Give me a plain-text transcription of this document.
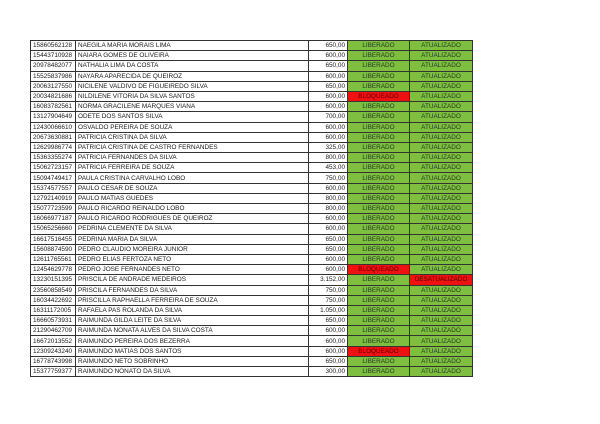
15860562128	NAEGILA MARIA MORAIS LIMA	650,00	LIBERADO	ATUALIZADO
15443710928	NAIARA GOMES DE OLIVEIRA	600,00	LIBERADO	ATUALIZADO
20978482077	NATHALIA LIMA DA COSTA	650,00	LIBERADO	ATUALIZADO
15525837986	NAYARA APARECIDA DE QUEIROZ	600,00	LIBERADO	ATUALIZADO
20063127550	NICILENE VALDIVO DE FIGUEIREDO SILVA	650,00	LIBERADO	ATUALIZADO
20034821686	NILDILENE VITORIA DA SILVA SANTOS	600,00	BLOQUEADO	ATUALIZADO
16083782561	NORMA GRACILENE MARQUES VIANA	600,00	LIBERADO	ATUALIZADO
13127904649	ODETE DOS SANTOS SILVA	700,00	LIBERADO	ATUALIZADO
12430066610	OSVALDO PEREIRA DE SOUZA	600,00	LIBERADO	ATUALIZADO
20673630881	PATRICIA CRISTINA DA SILVA	600,00	LIBERADO	ATUALIZADO
12629986774	PATRICIA CRISTINA DE CASTRO FERNANDES	325,00	LIBERADO	ATUALIZADO
15363355274	PATRICIA FERNANDES DA SILVA	800,00	LIBERADO	ATUALIZADO
15062723157	PATRICIA FERREIRA DE SOUZA	453,00	LIBERADO	ATUALIZADO
15094749417	PAULA CRISTINA CARVALHO LOBO	750,00	LIBERADO	ATUALIZADO
15374577557	PAULO CESAR DE SOUZA	600,00	LIBERADO	ATUALIZADO
12792140919	PAULO MATIAS GUEDES	800,00	LIBERADO	ATUALIZADO
15077723599	PAULO RICARDO REINALDO LOBO	800,00	LIBERADO	ATUALIZADO
16066977187	PAULO RICARDO RODRIGUES DE QUEIROZ	600,00	LIBERADO	ATUALIZADO
15065256660	PEDRINA CLEMENTE DA SILVA	600,00	LIBERADO	ATUALIZADO
16617516455	PEDRINA MARIA DA SILVA	650,00	LIBERADO	ATUALIZADO
15608874590	PEDRO CLAUDIO MOREIRA JUNIOR	650,00	LIBERADO	ATUALIZADO
12611765561	PEDRO ELIAS FERTOZA NETO	600,00	LIBERADO	ATUALIZADO
12454629778	PEDRO JOSE FERNANDES NETO	600,00	BLOQUEADO	ATUALIZADO
13230151395	PRISCILA DE ANDRADE MEDEIROS	3.152,00	LIBERADO	DESATUALIZADO
23560858549	PRISCILA FERNANDES DA SILVA	750,00	LIBERADO	ATUALIZADO
16034422692	PRISCILLA RAPHAELLA FERREIRA DE SOUZA	750,00	LIBERADO	ATUALIZADO
16311172005	RAFAELA PAS ROLANDA DA SILVA	1.050,00	LIBERADO	ATUALIZADO
16660573931	RAIMUNDA GILDA LEITE DA SILVA	650,00	LIBERADO	ATUALIZADO
21290462709	RAIMUNDA NONATA ALVES DA SILVA COSTA	600,00	LIBERADO	ATUALIZADO
16672013552	RAIMUNDO PEREIRA DOS BEZERRA	600,00	LIBERADO	ATUALIZADO
12309243240	RAIMUNDO MATIAS DOS SANTOS	600,00	BLOQUEADO	ATUALIZADO
16778743998	RAIMUNDO NETO SOBRINHO	650,00	LIBERADO	ATUALIZADO
15377759377	RAIMUNDO NONATO DA SILVA	300,00	LIBERADO	ATUALIZADO
